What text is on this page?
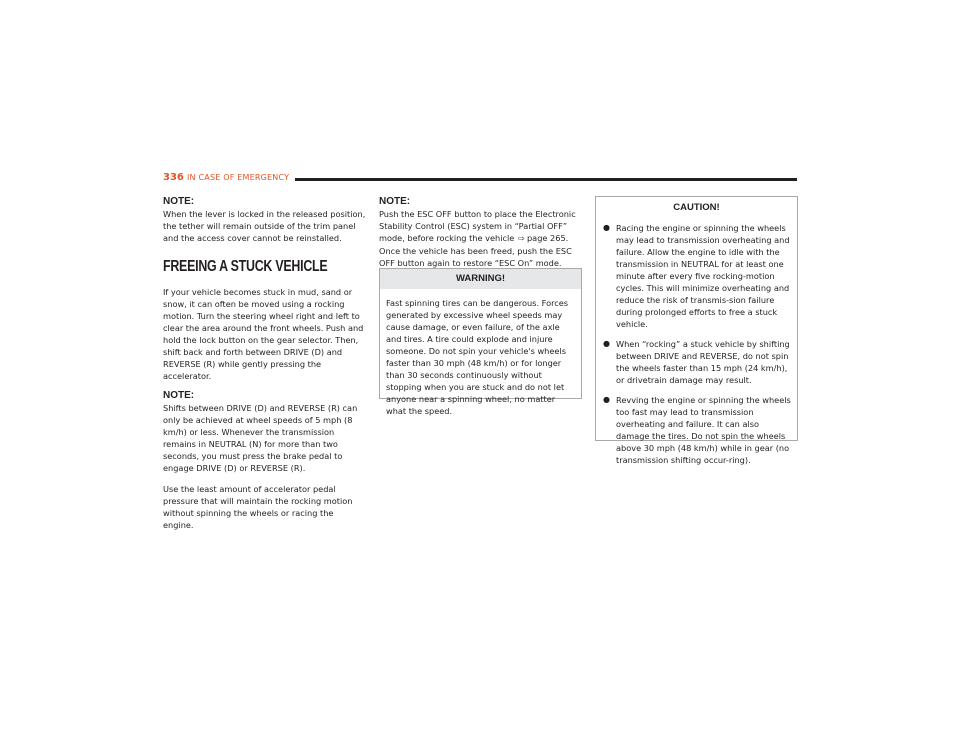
336 IN CASE OF EMERGENCY

NOTE:

When the lever is locked in the released position, the tether will remain outside of the trim panel and the access cover cannot be reinstalled.

FREEING A STUCK VEHICLE

If your vehicle becomes stuck in mud, sand or snow, it can often be moved using a rocking motion. Turn the steering wheel right and left to clear the area around the front wheels. Push and hold the lock button on the gear selector. Then, shift back and forth between DRIVE (D) and REVERSE (R) while gently pressing the accelerator.

NOTE:

Shifts between DRIVE (D) and REVERSE (R) can only be achieved at wheel speeds of 5 mph (8 km/h) or less. Whenever the transmission remains in NEUTRAL (N) for more than two seconds, you must press the brake pedal to engage DRIVE (D) or REVERSE (R).

Use the least amount of accelerator pedal pressure that will maintain the rocking motion without spinning the wheels or racing the engine.

NOTE:

Push the ESC OFF button to place the Electronic Stability Control (ESC) system in “Partial OFF” mode, before rocking the vehicle ⇨ page 265. Once the vehicle has been freed, push the ESC OFF button again to restore “ESC On” mode.

WARNING!

Fast spinning tires can be dangerous. Forces generated by excessive wheel speeds may cause damage, or even failure, of the axle and tires. A tire could explode and injure someone. Do not spin your vehicle's wheels faster than 30 mph (48 km/h) or for longer than 30 seconds continuously without stopping when you are stuck and do not let anyone near a spinning wheel, no matter what the speed.

CAUTION!
● Racing the engine or spinning the wheels may lead to transmission overheating and failure. Allow the engine to idle with the transmission in NEUTRAL for at least one minute after every five rocking-motion cycles. This will minimize overheating and reduce the risk of transmis-sion failure during prolonged efforts to free a stuck vehicle.
● When “rocking” a stuck vehicle by shifting between DRIVE and REVERSE, do not spin the wheels faster than 15 mph (24 km/h), or drivetrain damage may result.
● Revving the engine or spinning the wheels too fast may lead to transmission overheating and failure. It can also damage the tires. Do not spin the wheels above 30 mph (48 km/h) while in gear (no transmission shifting occur-ring).
